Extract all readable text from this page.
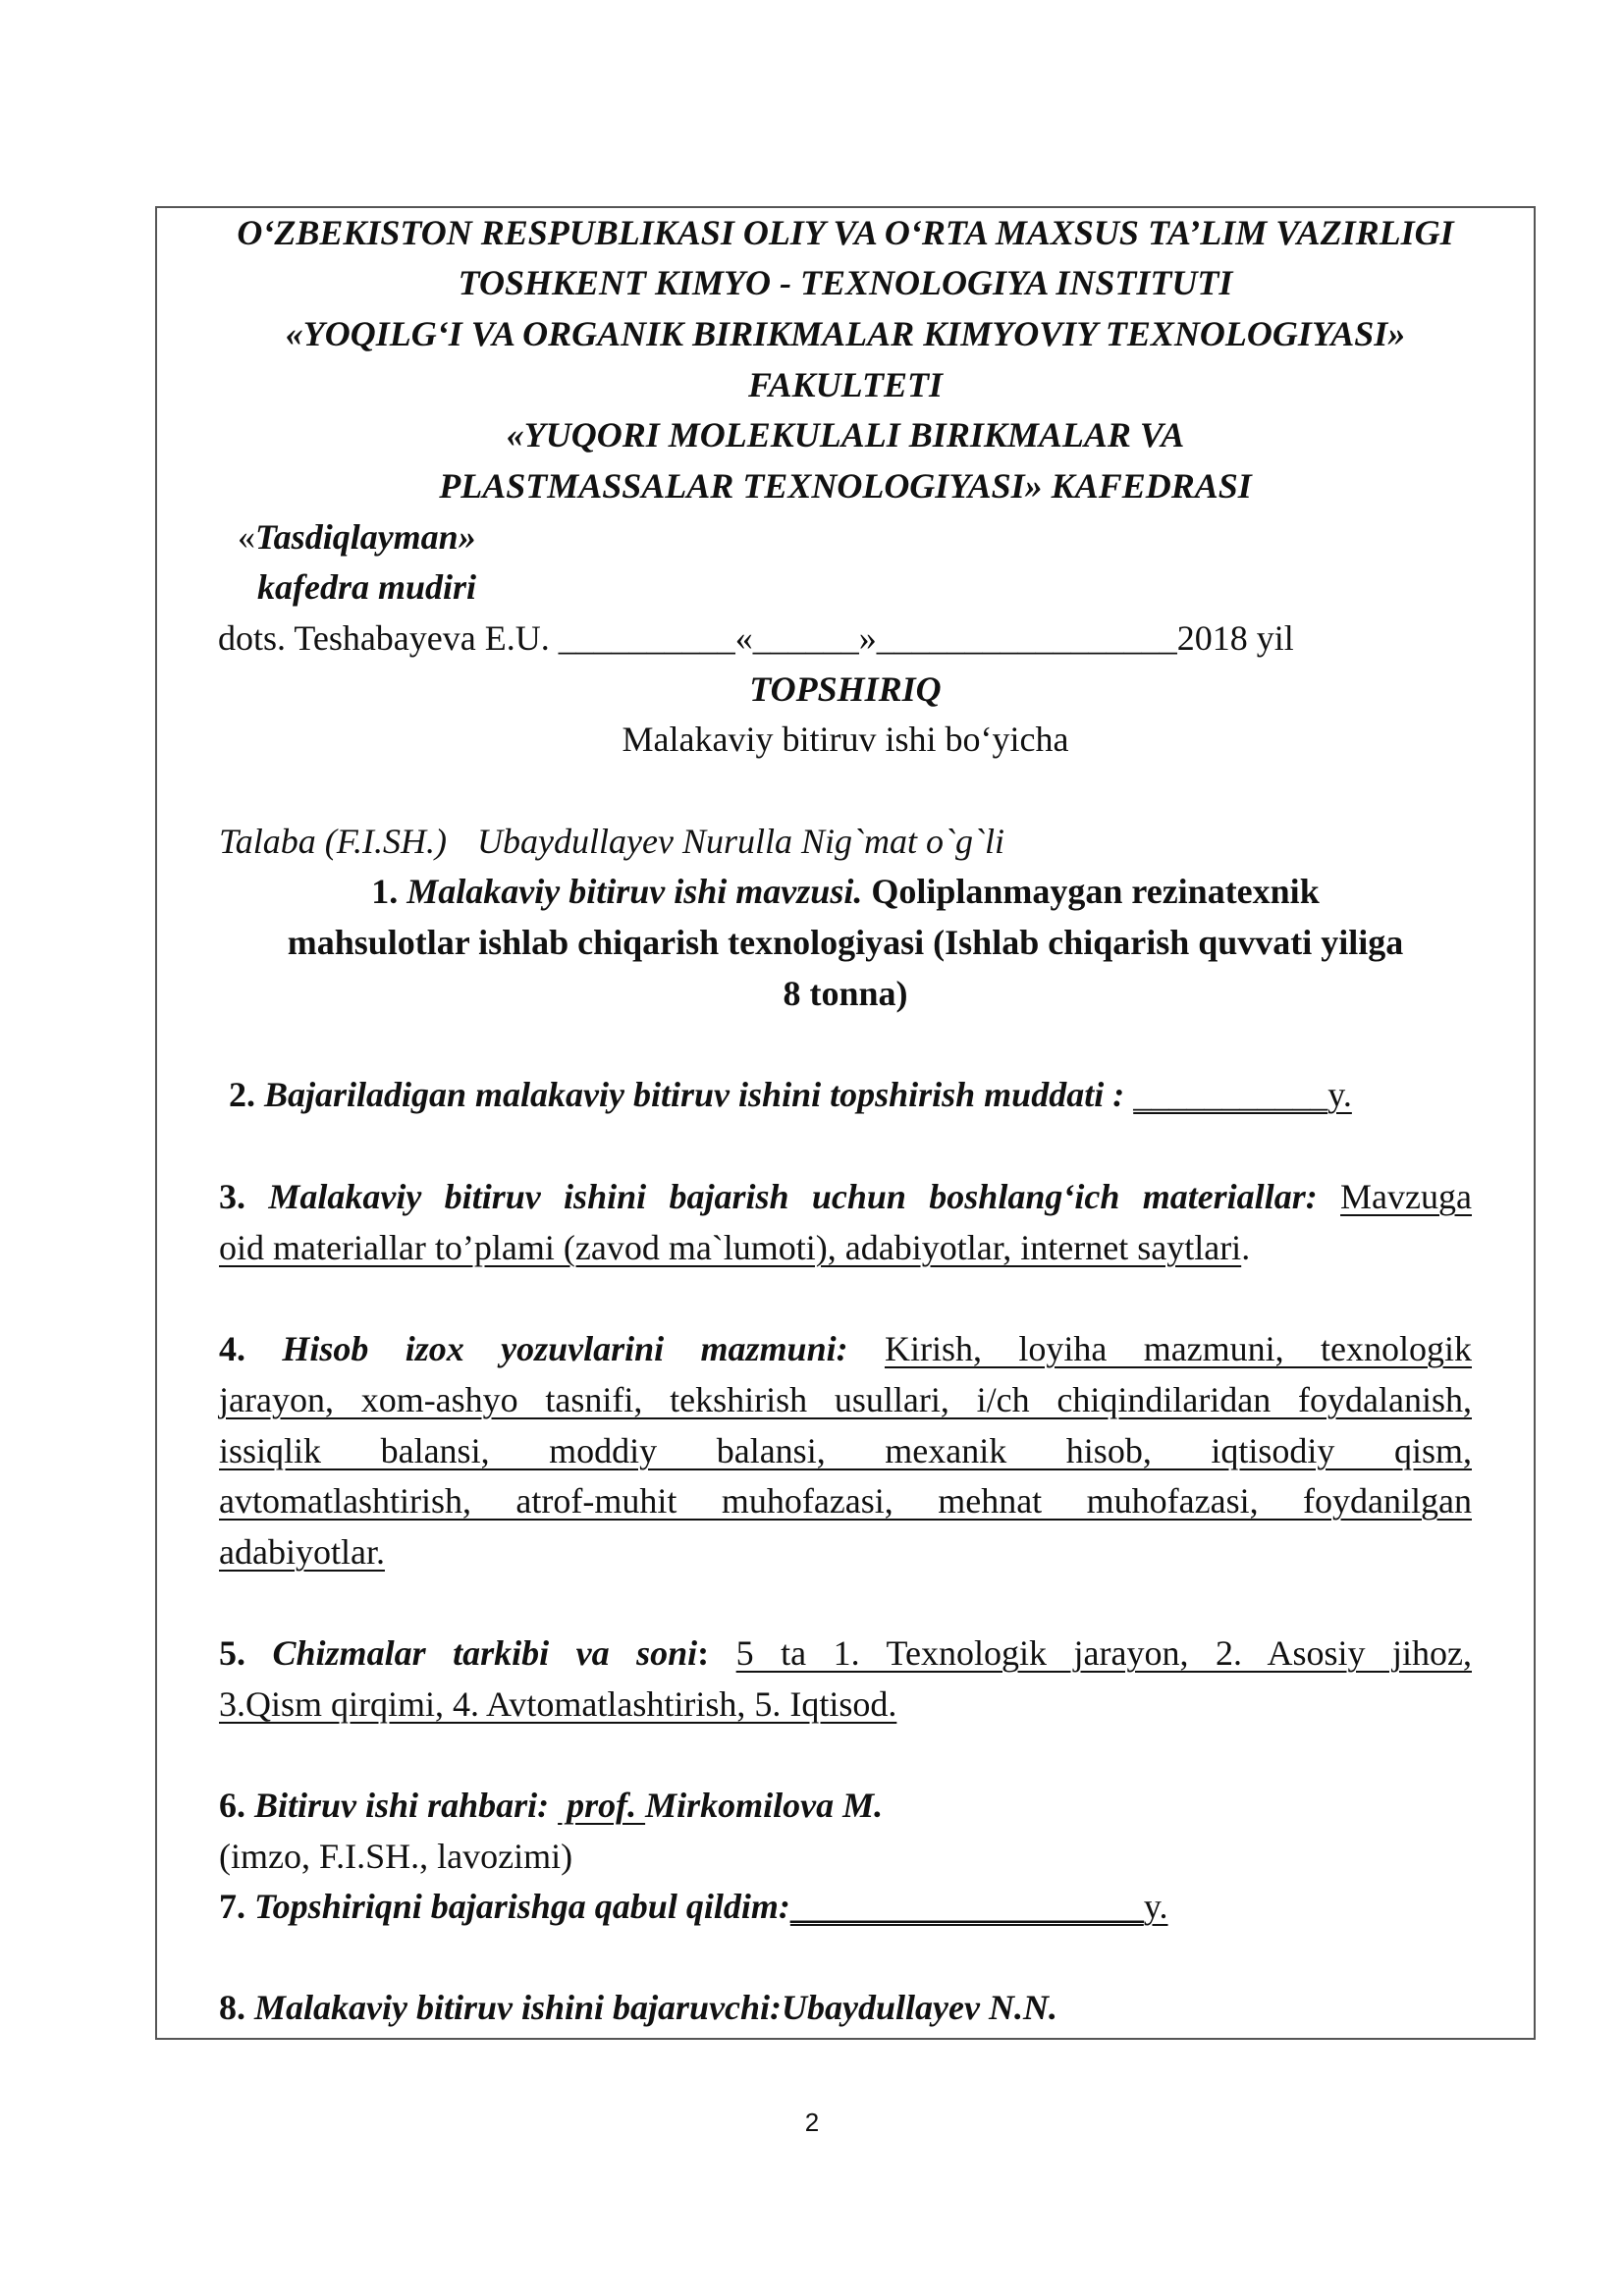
O‘ZBEKISTON RESPUBLIKASI OLIY VA O‘RTA MAXSUS TA’LIM VAZIRLIGI
TOSHKENT KIMYO - TEXNOLOGIYA INSTITUTI
«YOQILG‘I VA ORGANIK BIRIKMALAR KIMYOVIY TEXNOLOGIYASI»
FAKULTETI
«YUQORI MOLEKULALI BIRIKMALAR VA
PLASTMASSALAR TEXNOLOGIYASI» KAFEDRASI
«Tasdiqlayman»
kafedra mudiri
dots. Teshabayeva E.U. __________«______»_________________2018 yil
TOPSHIRIQ
Malakaviy bitiruv ishi bo‘yicha
Talaba (F.I.SH.) Ubaydullayev Nurulla Nig`mat o`g`li
1. Malakaviy bitiruv ishi mavzusi. Qoliplanmaygan rezinatexnik
mahsulotlar ishlab chiqarish texnologiyasi (Ishlab chiqarish quvvati yiliga
8 tonna)
2. Bajariladigan malakaviy bitiruv ishini topshirish muddati : ___________y.
3. Malakaviy bitiruv ishini bajarish uchun boshlang‘ich materiallar: Mavzuga
oid materiallar to’plami (zavod ma`lumoti), adabiyotlar, internet saytlari.
4. Hisob izox yozuvlarini mazmuni: Kirish, loyiha mazmuni, texnologik
jarayon, xom-ashyo tasnifi, tekshirish usullari, i/ch chiqindilaridan foydalanish,
issiqlik balansi, moddiy balansi, mexanik hisob, iqtisodiy qism,
avtomatlashtirish, atrof-muhit muhofazasi, mehnat muhofazasi, foydanilgan
adabiyotlar.
5. Chizmalar tarkibi va soni: 5 ta 1. Texnologik jarayon, 2. Asosiy jihoz,
3.Qism qirqimi, 4. Avtomatlashtirish, 5. Iqtisod.
6. Bitiruv ishi rahbari:  prof. Mirkomilova M.
(imzo, F.I.SH., lavozimi)
7. Topshiriqni bajarishga qabul qildim:____________________y.
8. Malakaviy bitiruv ishini bajaruvchi:Ubaydullayev N.N.
2
